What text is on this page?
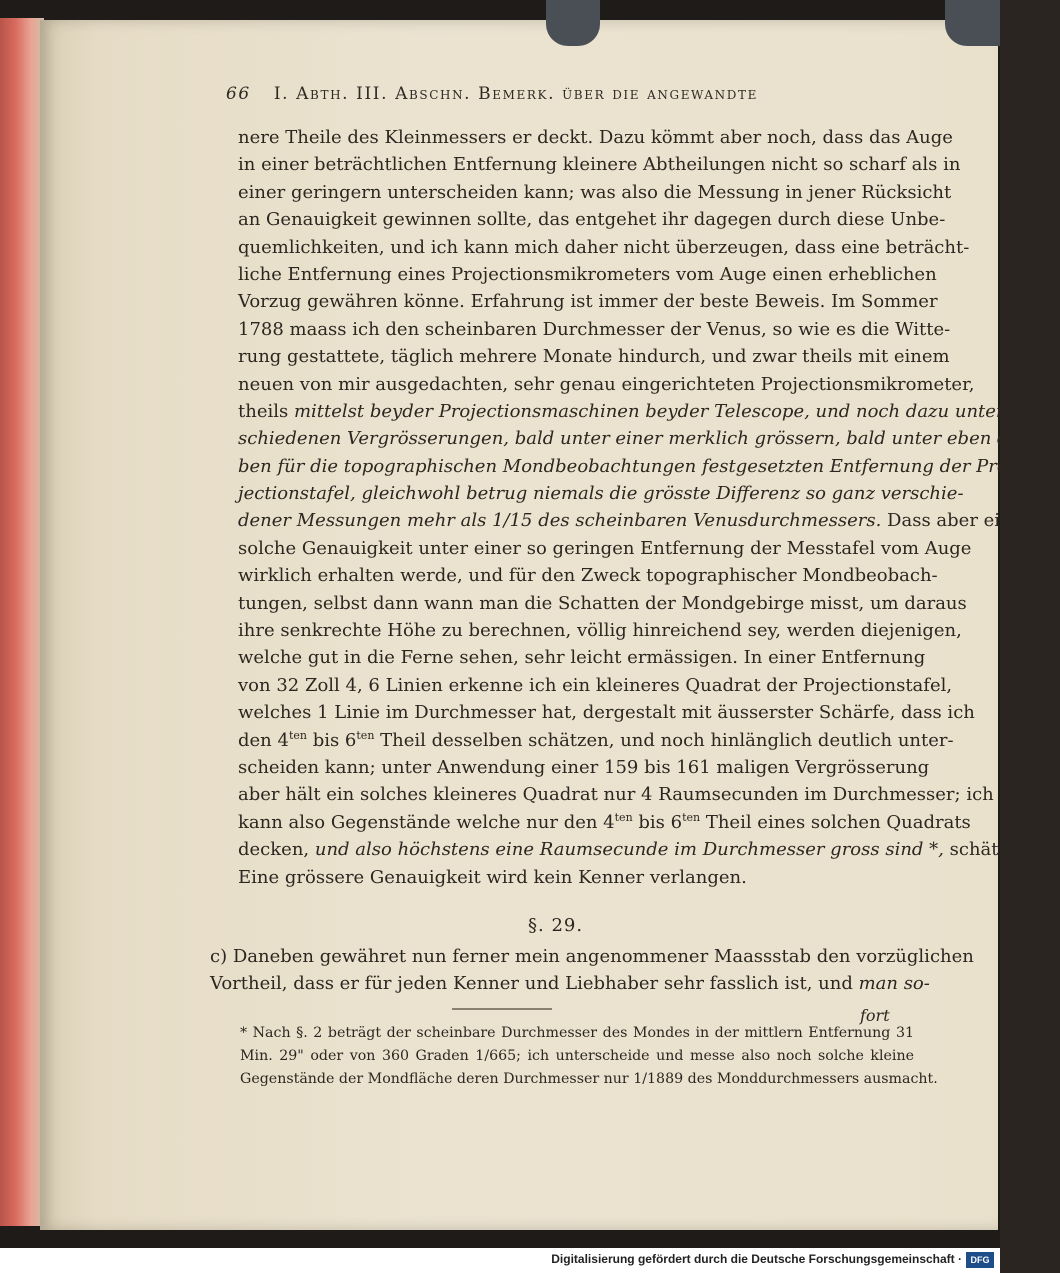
66 I. Abth. III. Abschn. Bemerk. über die angewandte
nere Theile des Kleinmessers er deckt. Dazu kömmt aber noch, dass das Auge
in einer beträchtlichen Entfernung kleinere Abtheilungen nicht so scharf als in
einer geringern unterscheiden kann; was also die Messung in jener Rücksicht
an Genauigkeit gewinnen sollte, das entgehet ihr dagegen durch diese Unbe-
quemlichkeiten, und ich kann mich daher nicht überzeugen, dass eine beträcht-
liche Entfernung eines Projectionsmikrometers vom Auge einen erheblichen
Vorzug gewähren könne. Erfahrung ist immer der beste Beweis. Im Sommer
1788 maass ich den scheinbaren Durchmesser der Venus, so wie es die Witte-
rung gestattete, täglich mehrere Monate hindurch, und zwar theils mit einem
neuen von mir ausgedachten, sehr genau eingerichteten Projectionsmikrometer,
theils mittelst beyder Projectionsmaschinen beyder Telescope, und noch dazu unter ver-
schiedenen Vergrösserungen, bald unter einer merklich grössern, bald unter eben dersel-
ben für die topographischen Mondbeobachtungen festgesetzten Entfernung der Pro-
jectionstafel, gleichwohl betrug niemals die grösste Differenz so ganz verschie-
dener Messungen mehr als 1/15 des scheinbaren Venusdurchmessers. Dass aber eine
solche Genauigkeit unter einer so geringen Entfernung der Messtafel vom Auge
wirklich erhalten werde, und für den Zweck topographischer Mondbeobach-
tungen, selbst dann wann man die Schatten der Mondgebirge misst, um daraus
ihre senkrechte Höhe zu berechnen, völlig hinreichend sey, werden diejenigen,
welche gut in die Ferne sehen, sehr leicht ermässigen. In einer Entfernung
von 32 Zoll 4, 6 Linien erkenne ich ein kleineres Quadrat der Projectionstafel,
welches 1 Linie im Durchmesser hat, dergestalt mit äusserster Schärfe, dass ich
den $4^{ten}$ bis $6^{ten}$ Theil desselben schätzen, und noch hinlänglich deutlich unter-
scheiden kann; unter Anwendung einer 159 bis 161 maligen Vergrösserung
aber hält ein solches kleineres Quadrat nur 4 Raumsecunden im Durchmesser; ich
kann also Gegenstände welche nur den $4^{ten}$ bis $6^{ten}$ Theil eines solchen Quadrats
decken, und also höchstens eine Raumsecunde im Durchmesser gross sind *, schätzen.
Eine grössere Genauigkeit wird kein Kenner verlangen.
§. 29.
c) Daneben gewähret nun ferner mein angenommener Maassstab den vorzüglichen
Vortheil, dass er für jeden Kenner und Liebhaber sehr fasslich ist, und man so-
fort
* Nach §. 2 beträgt der scheinbare Durchmesser des Mondes in der mittlern Entfernung 31
Min. 29" oder von 360 Graden 1/665; ich unterscheide und messe also noch solche kleine
Gegenstände der Mondfläche deren Durchmesser nur 1/1889 des Monddurchmessers ausmacht.
Digitalisierung gefördert durch die Deutsche Forschungsgemeinschaft · DFG
